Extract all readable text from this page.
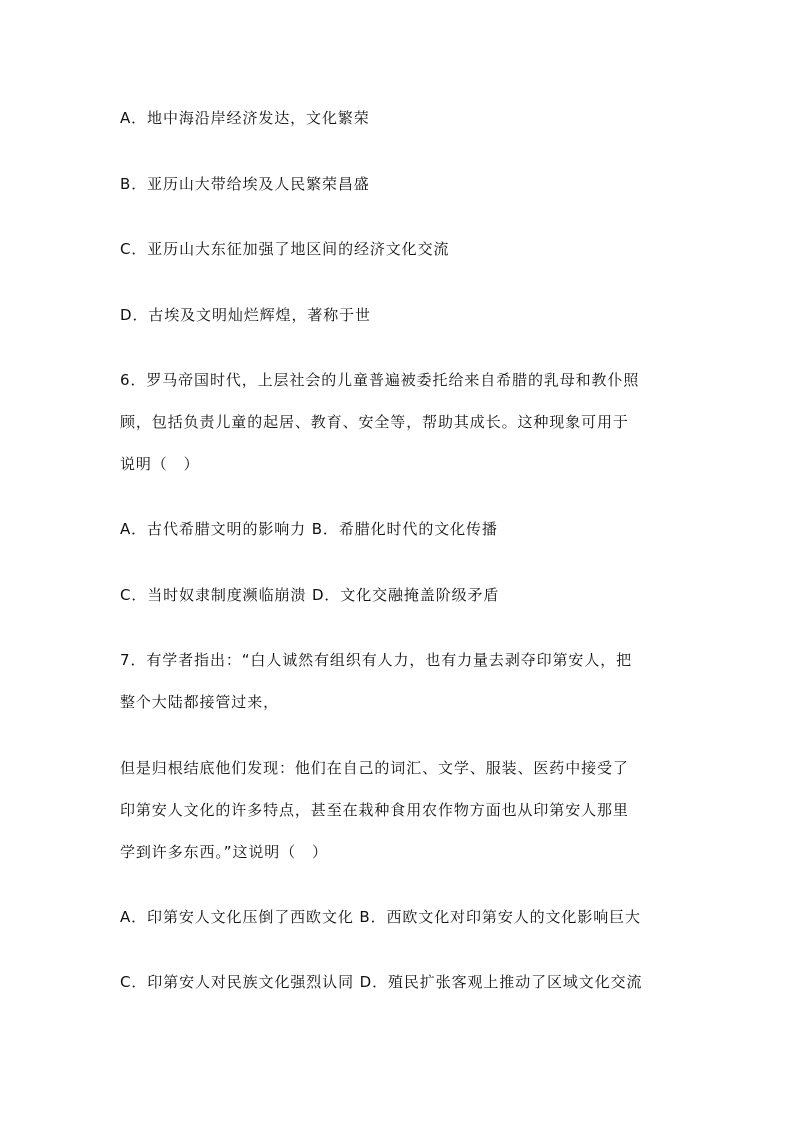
A．地中海沿岸经济发达，文化繁荣
B．亚历山大带给埃及人民繁荣昌盛
C．亚历山大东征加强了地区间的经济文化交流
D．古埃及文明灿烂辉煌，著称于世
6．罗马帝国时代，上层社会的儿童普遍被委托给来自希腊的乳母和教仆照
顾，包括负责儿童的起居、教育、安全等，帮助其成长。这种现象可用于
说明（　）
A．古代希腊文明的影响力 B．希腊化时代的文化传播
C．当时奴隶制度濒临崩溃 D．文化交融掩盖阶级矛盾
7．有学者指出：“白人诚然有组织有人力，也有力量去剥夺印第安人，把
整个大陆都接管过来，
但是归根结底他们发现：他们在自己的词汇、文学、服装、医药中接受了
印第安人文化的许多特点，甚至在栽种食用农作物方面也从印第安人那里
学到许多东西。”这说明（　）
A．印第安人文化压倒了西欧文化 B．西欧文化对印第安人的文化影响巨大
C．印第安人对民族文化强烈认同 D．殖民扩张客观上推动了区域文化交流
